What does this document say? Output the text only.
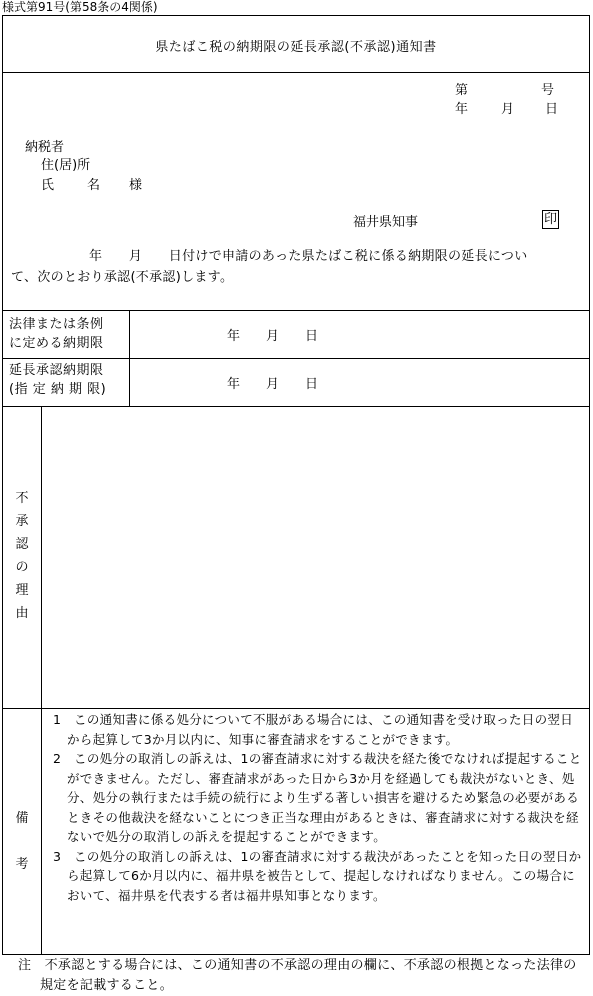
様式第91号(第58条の4関係)
県たばこ税の納期限の延長承認(不承認)通知書
第	号
年	月 日
納税者
住(居)所
氏	名 様
福井県知事	印
年　　月　　日付けで申請のあった県たばこ税に係る納期限の延長につい
て、次のとおり承認(不承認)します。
法律または条例
に定める納期限	年　　月　　日
延長承認納期限
(指 定 納 期 限)	年　　月　　日
不
承
認
の
理
由
備
考

1　この通知書に係る処分について不服がある場合には、この通知書を受け取った日の翌日から起算して3か月以内に、知事に審査請求をすることができます。

2　この処分の取消しの訴えは、1の審査請求に対する裁決を経た後でなければ提起することができません。ただし、審査請求があった日から3か月を経過しても裁決がないとき、処分、処分の執行または手続の続行により生ずる著しい損害を避けるため緊急の必要があるときその他裁決を経ないことにつき正当な理由があるときは、審査請求に対する裁決を経ないで処分の取消しの訴えを提起することができます。

3　この処分の取消しの訴えは、1の審査請求に対する裁決があったことを知った日の翌日から起算して6か月以内に、福井県を被告として、提起しなければなりません。この場合において、福井県を代表する者は福井県知事となります。

注　不承認とする場合には、この通知書の不承認の理由の欄に、不承認の根拠となった法律の規定を記載すること。
